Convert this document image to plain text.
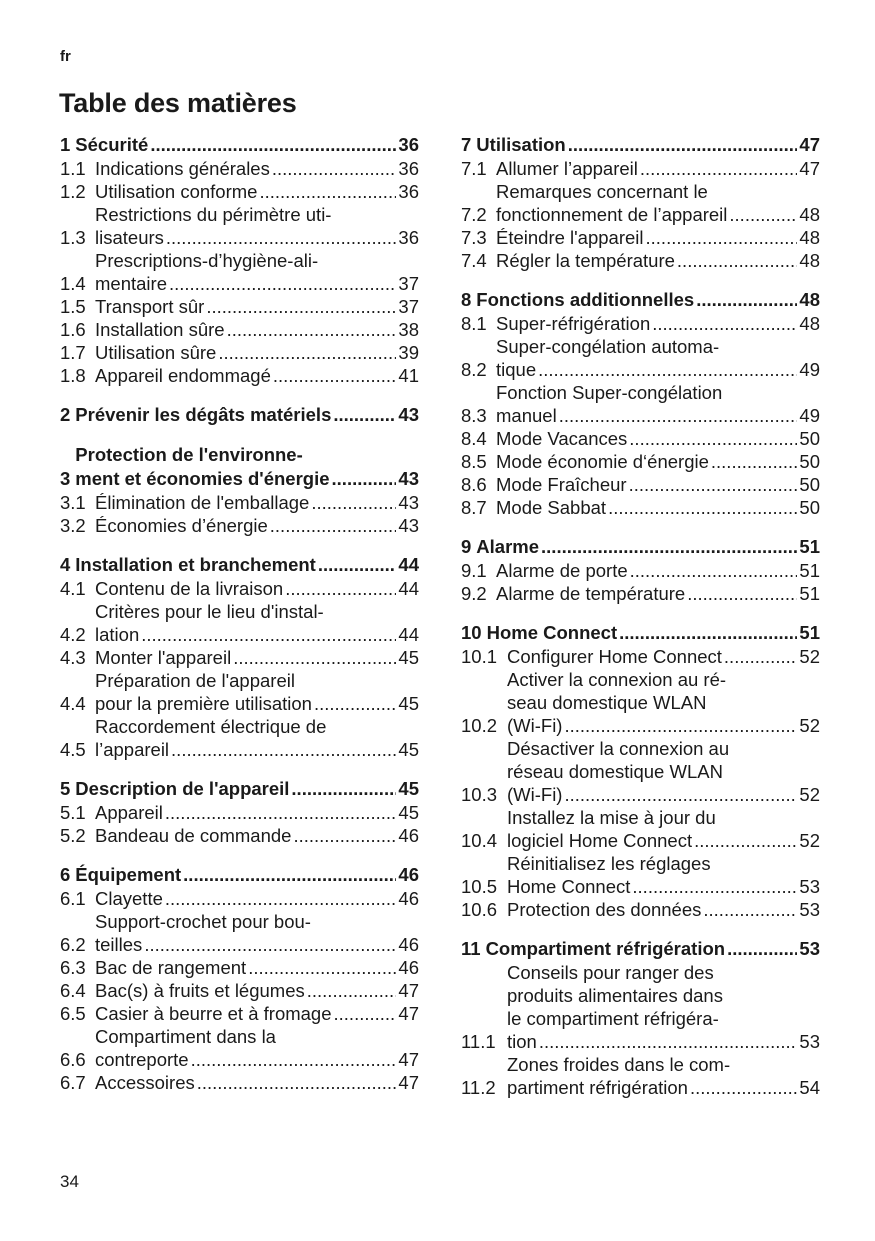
fr
Table des matières
1 Sécurité .....	36
1.1 Indications générales .....	36
1.2 Utilisation conforme .....	36
1.3
Restrictions du périmètre uti-
lisateurs .....	36
1.4
Prescriptions-d’hygiène-ali-
mentaire .....	37
1.5 Transport sûr .....	37
1.6 Installation sûre .....	38
1.7 Utilisation sûre .....	39
1.8 Appareil endommagé .....	41
2 Prévenir les dégâts matériels .....	43
3
Protection de l'environne-
ment et économies d'énergie .....	43
3.1 Élimination de l'emballage .....	43
3.2 Économies d’énergie .....	43
4 Installation et branchement .....	44
4.1 Contenu de la livraison .....	44
4.2
Critères pour le lieu d'instal-
lation .....	44
4.3 Monter l'appareil .....	45
4.4
Préparation de l'appareil
pour la première utilisation .....	45
4.5
Raccordement électrique de
l’appareil .....	45
5 Description de l'appareil .....	45
5.1 Appareil .....	45
5.2 Bandeau de commande .....	46
6 Équipement .....	46
6.1 Clayette .....	46
6.2
Support-crochet pour bou-
teilles .....	46
6.3 Bac de rangement .....	46
6.4 Bac(s) à fruits et légumes .....	47
6.5 Casier à beurre et à fromage .....	47
6.6
Compartiment dans la
contreporte .....	47
6.7 Accessoires .....	47
7 Utilisation .....	47
7.1 Allumer l’appareil .....	47
7.2
Remarques concernant le
fonctionnement de l’appareil .....	48
7.3 Éteindre l'appareil .....	48
7.4 Régler la température .....	48
8 Fonctions additionnelles .....	48
8.1 Super-réfrigération .....	48
8.2
Super-congélation automa-
tique .....	49
8.3
Fonction Super-congélation
manuel .....	49
8.4 Mode Vacances .....	50
8.5 Mode économie d‘énergie .....	50
8.6 Mode Fraîcheur .....	50
8.7 Mode Sabbat .....	50
9 Alarme .....	51
9.1 Alarme de porte .....	51
9.2 Alarme de température .....	51
10 Home Connect .....	51
10.1 Configurer Home Connect .....	52
10.2
Activer la connexion au ré-
seau domestique WLAN
(Wi-Fi) .....	52
10.3
Désactiver la connexion au
réseau domestique WLAN
(Wi-Fi) .....	52
10.4
Installez la mise à jour du
logiciel Home Connect .....	52
10.5
Réinitialisez les réglages
Home Connect .....	53
10.6 Protection des données .....	53
11 Compartiment réfrigération .....	53
11.1
Conseils pour ranger des
produits alimentaires dans
le compartiment réfrigéra-
tion .....	53
11.2
Zones froides dans le com-
partiment réfrigération .....	54
34
